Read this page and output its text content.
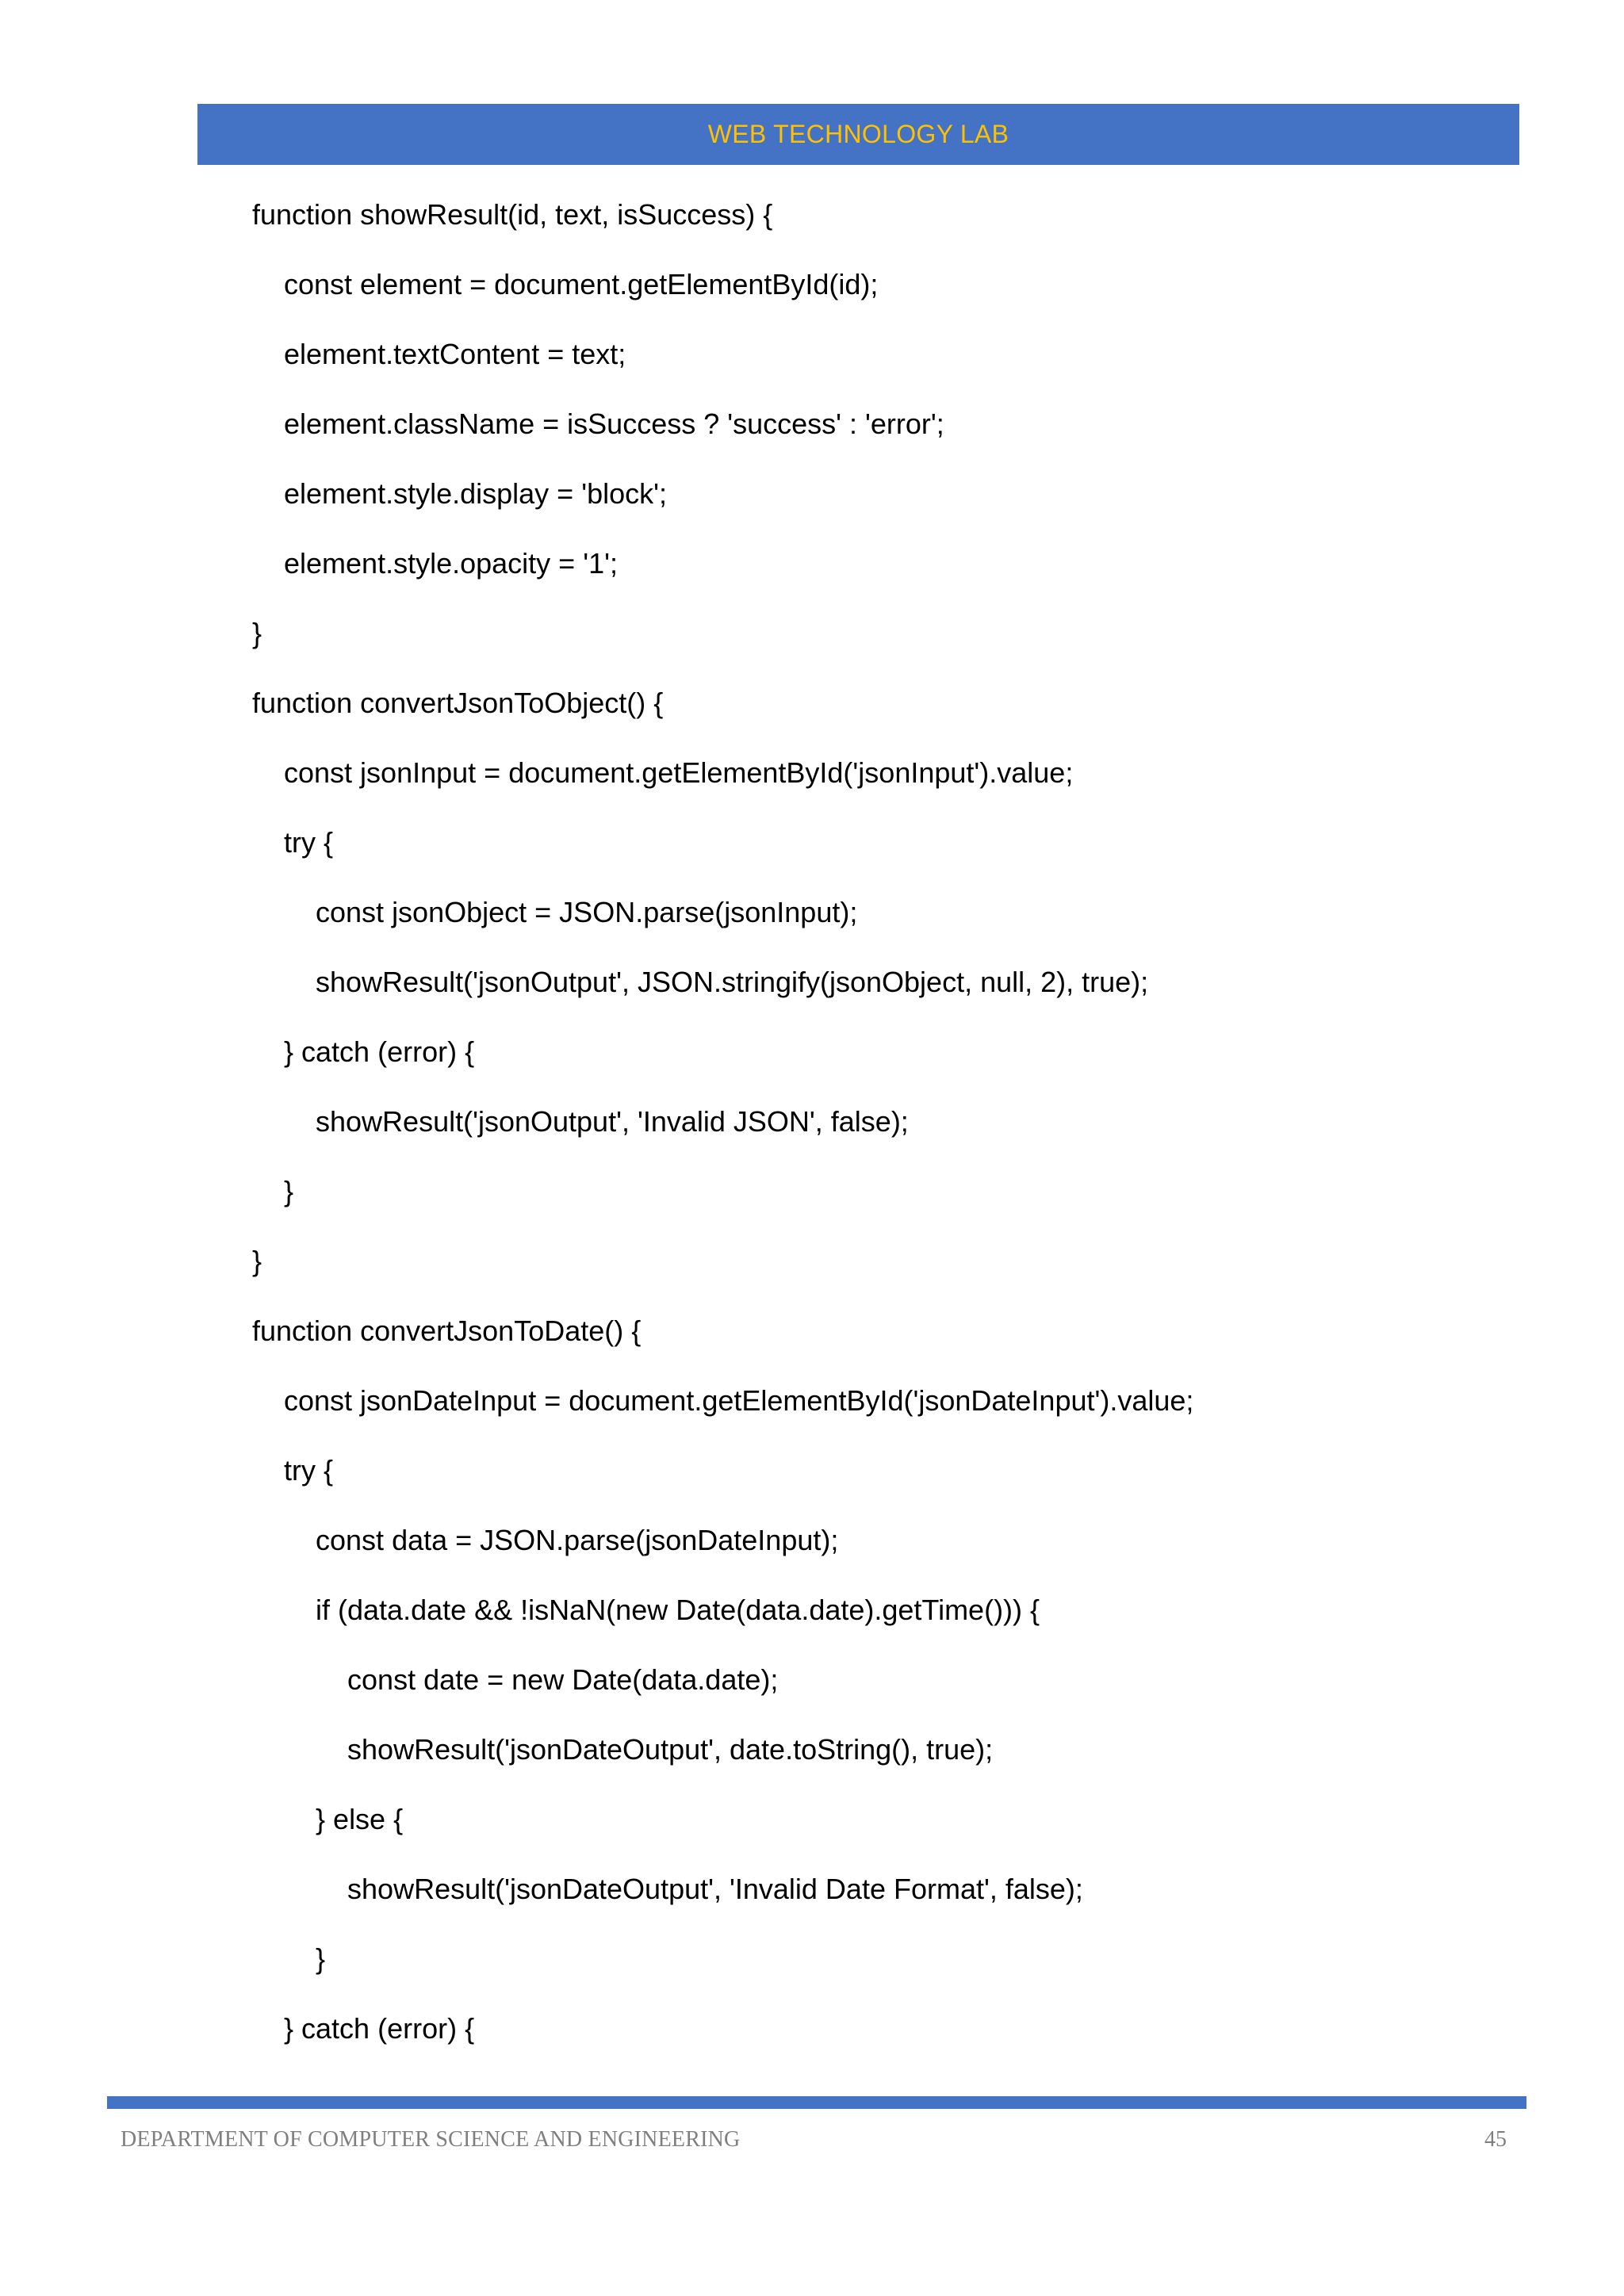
WEB TECHNOLOGY LAB
function showResult(id, text, isSuccess) {
const element = document.getElementById(id);
element.textContent = text;
element.className = isSuccess ? 'success' : 'error';
element.style.display = 'block';
element.style.opacity = '1';
}
function convertJsonToObject() {
const jsonInput = document.getElementById('jsonInput').value;
try {
const jsonObject = JSON.parse(jsonInput);
showResult('jsonOutput', JSON.stringify(jsonObject, null, 2), true);
} catch (error) {
showResult('jsonOutput', 'Invalid JSON', false);
}
}
function convertJsonToDate() {
const jsonDateInput = document.getElementById('jsonDateInput').value;
try {
const data = JSON.parse(jsonDateInput);
if (data.date && !isNaN(new Date(data.date).getTime())) {
const date = new Date(data.date);
showResult('jsonDateOutput', date.toString(), true);
} else {
showResult('jsonDateOutput', 'Invalid Date Format', false);
}
} catch (error) {
DEPARTMENT OF COMPUTER SCIENCE AND ENGINEERING	45
